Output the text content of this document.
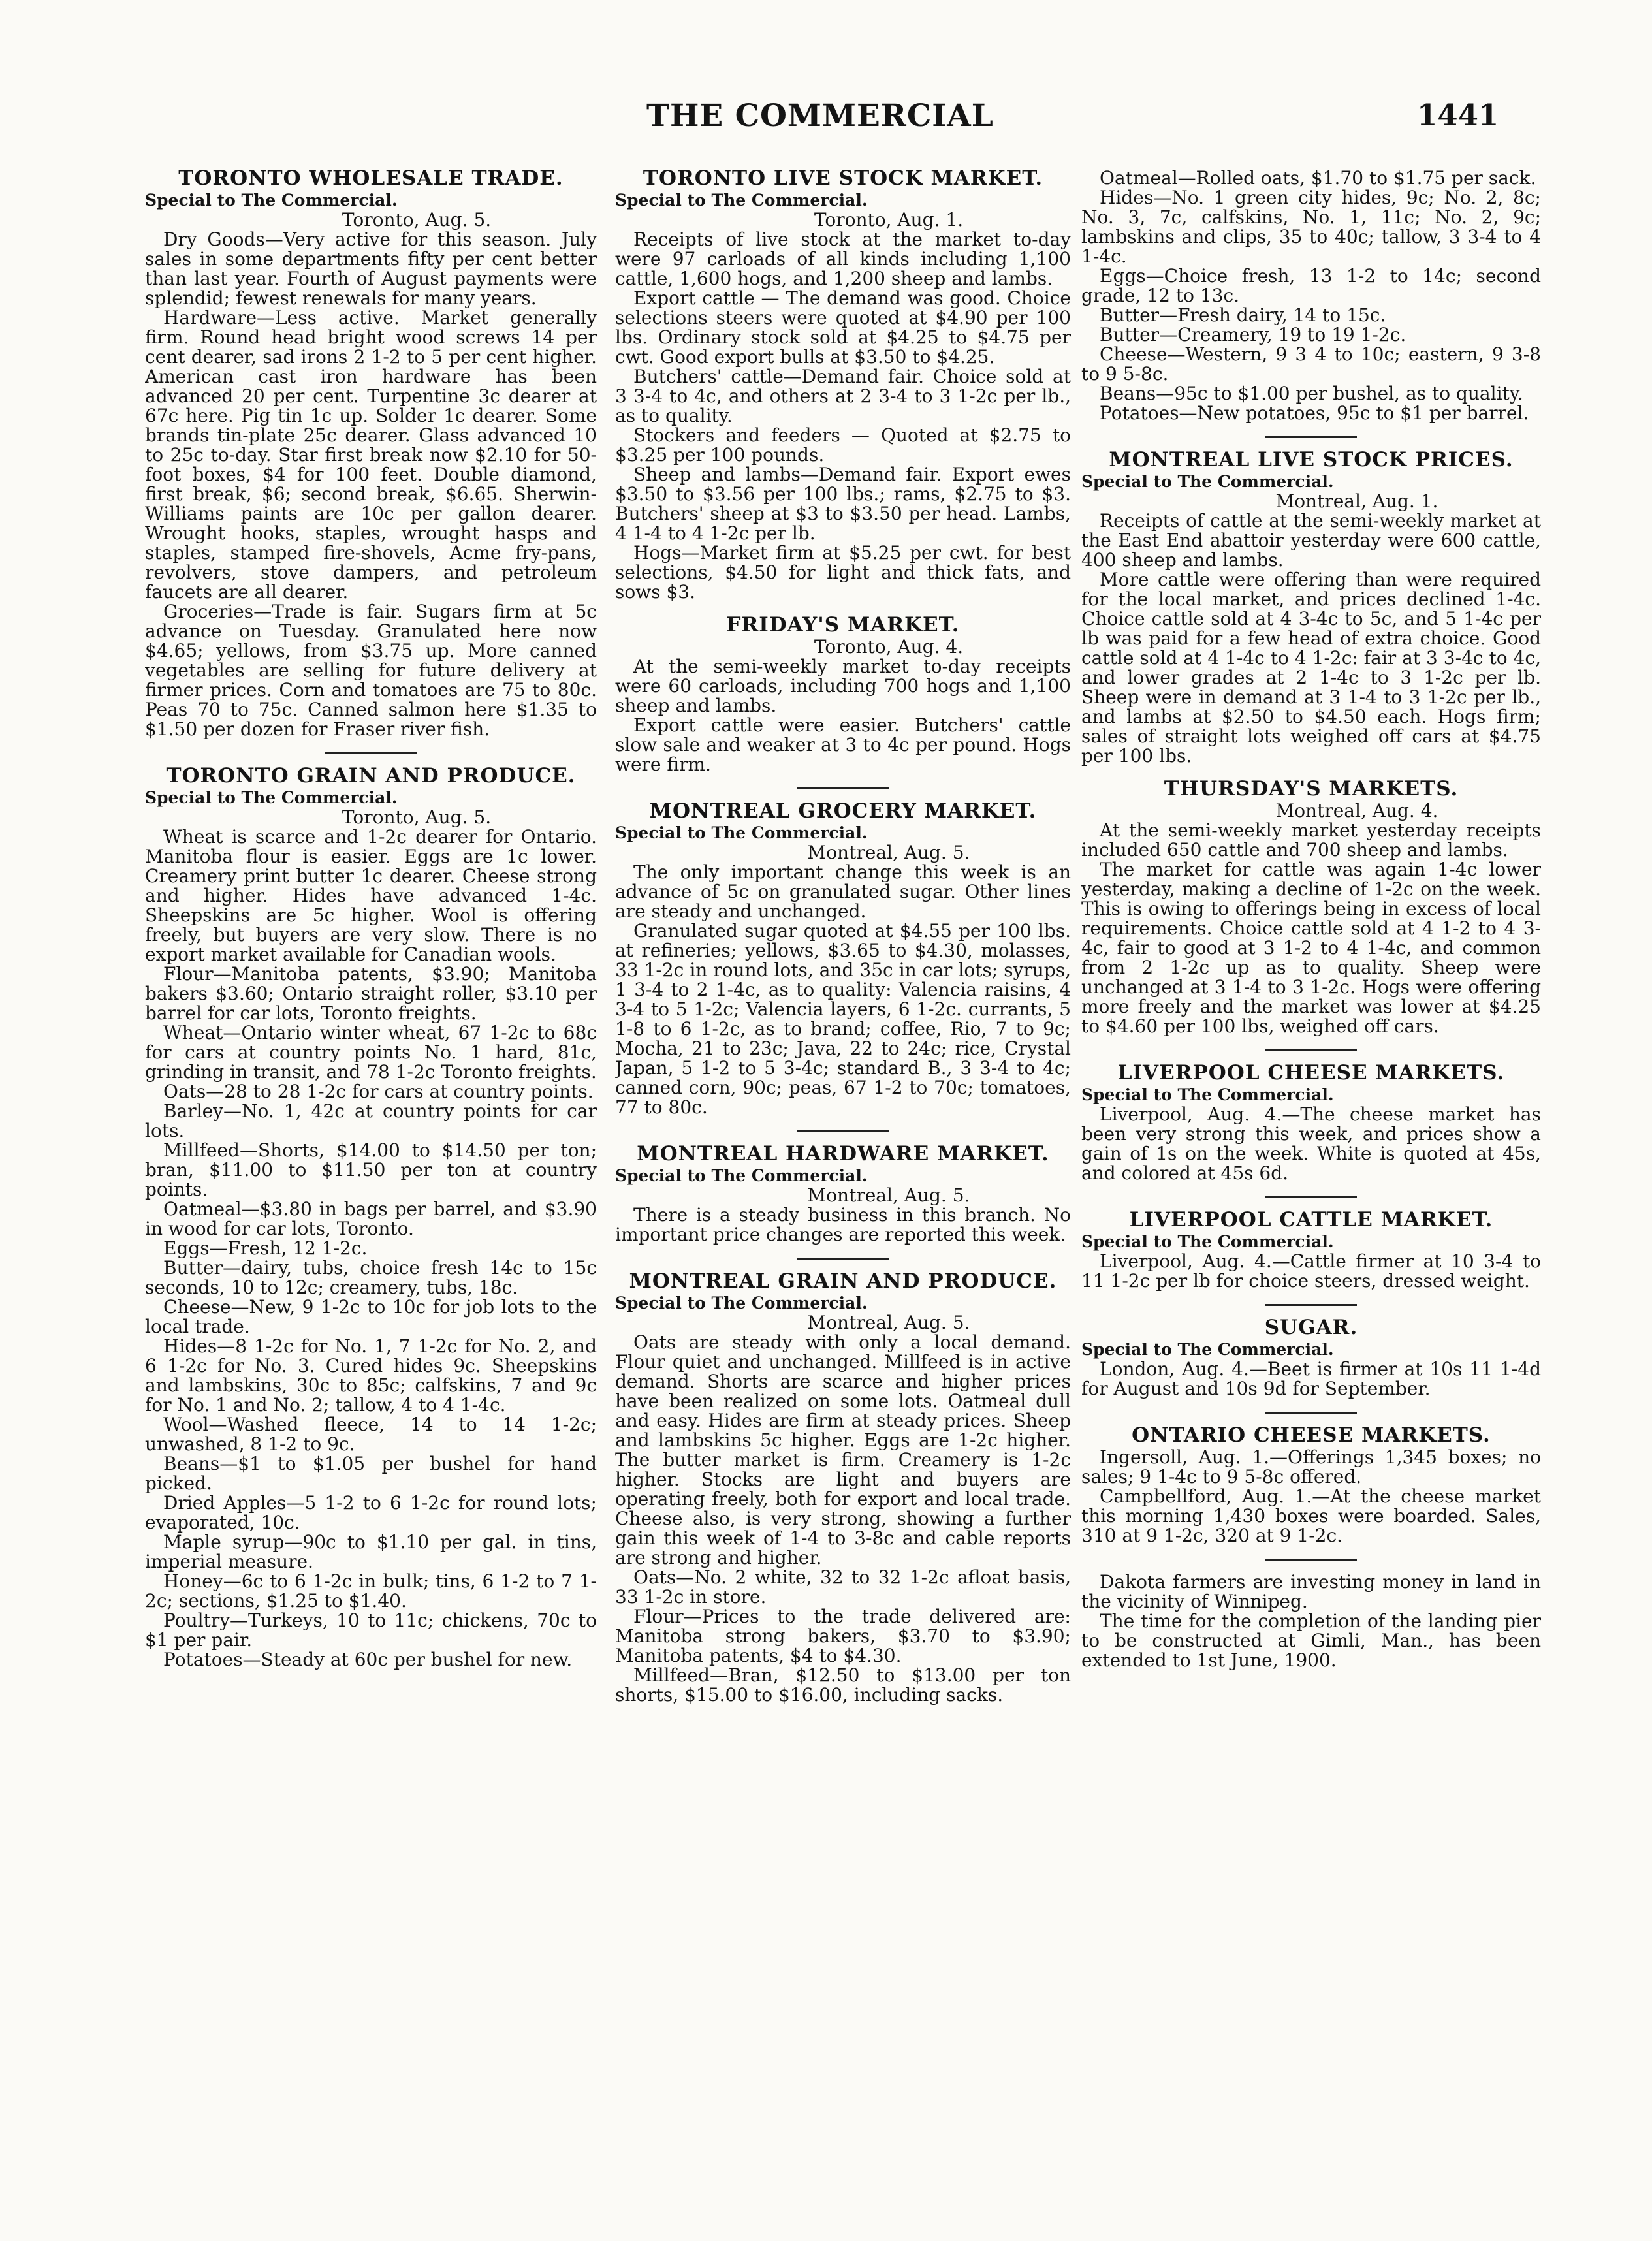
THE COMMERCIAL	1441
TORONTO WHOLESALE TRADE.
Special to The Commercial.
Toronto, Aug. 5.

Dry Goods—Very active for this season. July sales in some departments fifty per cent better than last year. Fourth of August payments were splendid; fewest renewals for many years.

Hardware—Less active. Market generally firm. Round head bright wood screws 14 per cent dearer, sad irons 2 1-2 to 5 per cent higher. American cast iron hardware has been advanced 20 per cent. Turpentine 3c dearer at 67c here. Pig tin 1c up. Solder 1c dearer. Some brands tin-plate 25c dearer. Glass advanced 10 to 25c to-day. Star first break now $2.10 for 50-foot boxes, $4 for 100 feet. Double diamond, first break, $6; second break, $6.65. Sherwin-Williams paints are 10c per gallon dearer. Wrought hooks, staples, wrought hasps and staples, stamped fire-shovels, Acme fry-pans, revolvers, stove dampers, and petroleum faucets are all dearer.

Groceries—Trade is fair. Sugars firm at 5c advance on Tuesday. Granulated here now $4.65; yellows, from $3.75 up. More canned vegetables are selling for future delivery at firmer prices. Corn and tomatoes are 75 to 80c. Peas 70 to 75c. Canned salmon here $1.35 to $1.50 per dozen for Fraser river fish.

TORONTO GRAIN AND PRODUCE.
Special to The Commercial.
Toronto, Aug. 5.

Wheat is scarce and 1-2c dearer for Ontario. Manitoba flour is easier. Eggs are 1c lower. Creamery print butter 1c dearer. Cheese strong and higher. Hides have advanced 1-4c. Sheepskins are 5c higher. Wool is offering freely, but buyers are very slow. There is no export market available for Canadian wools.

Flour—Manitoba patents, $3.90; Manitoba bakers $3.60; Ontario straight roller, $3.10 per barrel for car lots, Toronto freights.

Wheat—Ontario winter wheat, 67 1-2c to 68c for cars at country points No. 1 hard, 81c, grinding in transit, and 78 1-2c Toronto freights.

Oats—28 to 28 1-2c for cars at country points.

Barley—No. 1, 42c at country points for car lots.

Millfeed—Shorts, $14.00 to $14.50 per ton; bran, $11.00 to $11.50 per ton at country points.

Oatmeal—$3.80 in bags per barrel, and $3.90 in wood for car lots, Toronto.

Eggs—Fresh, 12 1-2c.

Butter—dairy, tubs, choice fresh 14c to 15c seconds, 10 to 12c; creamery, tubs, 18c.

Cheese—New, 9 1-2c to 10c for job lots to the local trade.

Hides—8 1-2c for No. 1, 7 1-2c for No. 2, and 6 1-2c for No. 3. Cured hides 9c. Sheepskins and lambskins, 30c to 85c; calfskins, 7 and 9c for No. 1 and No. 2; tallow, 4 to 4 1-4c.

Wool—Washed fleece, 14 to 14 1-2c; unwashed, 8 1-2 to 9c.

Beans—$1 to $1.05 per bushel for hand picked.

Dried Apples—5 1-2 to 6 1-2c for round lots; evaporated, 10c.

Maple syrup—90c to $1.10 per gal. in tins, imperial measure.

Honey—6c to 6 1-2c in bulk; tins, 6 1-2 to 7 1-2c; sections, $1.25 to $1.40.

Poultry—Turkeys, 10 to 11c; chickens, 70c to $1 per pair.

Potatoes—Steady at 60c per bushel for new.

TORONTO LIVE STOCK MARKET.
Special to The Commercial.
Toronto, Aug. 1.

Receipts of live stock at the market to-day were 97 carloads of all kinds including 1,100 cattle, 1,600 hogs, and 1,200 sheep and lambs.

Export cattle — The demand was good. Choice selections steers were quoted at $4.90 per 100 lbs. Ordinary stock sold at $4.25 to $4.75 per cwt. Good export bulls at $3.50 to $4.25.

Butchers' cattle—Demand fair. Choice sold at 3 3-4 to 4c, and others at 2 3-4 to 3 1-2c per lb., as to quality.

Stockers and feeders — Quoted at $2.75 to $3.25 per 100 pounds.

Sheep and lambs—Demand fair. Export ewes $3.50 to $3.56 per 100 lbs.; rams, $2.75 to $3. Butchers' sheep at $3 to $3.50 per head. Lambs, 4 1-4 to 4 1-2c per lb.

Hogs—Market firm at $5.25 per cwt. for best selections, $4.50 for light and thick fats, and sows $3.

FRIDAY'S MARKET.
Toronto, Aug. 4.

At the semi-weekly market to-day receipts were 60 carloads, including 700 hogs and 1,100 sheep and lambs.

Export cattle were easier. Butchers' cattle slow sale and weaker at 3 to 4c per pound. Hogs were firm.

MONTREAL GROCERY MARKET.
Special to The Commercial.
Montreal, Aug. 5.

The only important change this week is an advance of 5c on granulated sugar. Other lines are steady and unchanged.

Granulated sugar quoted at $4.55 per 100 lbs. at refineries; yellows, $3.65 to $4.30, molasses, 33 1-2c in round lots, and 35c in car lots; syrups, 1 3-4 to 2 1-4c, as to quality: Valencia raisins, 4 3-4 to 5 1-2c; Valencia layers, 6 1-2c. currants, 5 1-8 to 6 1-2c, as to brand; coffee, Rio, 7 to 9c; Mocha, 21 to 23c; Java, 22 to 24c; rice, Crystal Japan, 5 1-2 to 5 3-4c; standard B., 3 3-4 to 4c; canned corn, 90c; peas, 67 1-2 to 70c; tomatoes, 77 to 80c.

MONTREAL HARDWARE MARKET.
Special to The Commercial.
Montreal, Aug. 5.

There is a steady business in this branch. No important price changes are reported this week.

MONTREAL GRAIN AND PRODUCE.
Special to The Commercial.
Montreal, Aug. 5.

Oats are steady with only a local demand. Flour quiet and unchanged. Millfeed is in active demand. Shorts are scarce and higher prices have been realized on some lots. Oatmeal dull and easy. Hides are firm at steady prices. Sheep and lambskins 5c higher. Eggs are 1-2c higher. The butter market is firm. Creamery is 1-2c higher. Stocks are light and buyers are operating freely, both for export and local trade. Cheese also, is very strong, showing a further gain this week of 1-4 to 3-8c and cable reports are strong and higher.

Oats—No. 2 white, 32 to 32 1-2c afloat basis, 33 1-2c in store.

Flour—Prices to the trade delivered are: Manitoba strong bakers, $3.70 to $3.90; Manitoba patents, $4 to $4.30.

Millfeed—Bran, $12.50 to $13.00 per ton shorts, $15.00 to $16.00, including sacks.

Oatmeal—Rolled oats, $1.70 to $1.75 per sack.

Hides—No. 1 green city hides, 9c; No. 2, 8c; No. 3, 7c, calfskins, No. 1, 11c; No. 2, 9c; lambskins and clips, 35 to 40c; tallow, 3 3-4 to 4 1-4c.

Eggs—Choice fresh, 13 1-2 to 14c; second grade, 12 to 13c.

Butter—Fresh dairy, 14 to 15c.

Butter—Creamery, 19 to 19 1-2c.

Cheese—Western, 9 3 4 to 10c; eastern, 9 3-8 to 9 5-8c.

Beans—95c to $1.00 per bushel, as to quality.

Potatoes—New potatoes, 95c to $1 per barrel.

MONTREAL LIVE STOCK PRICES.
Special to The Commercial.
Montreal, Aug. 1.

Receipts of cattle at the semi-weekly market at the East End abattoir yesterday were 600 cattle, 400 sheep and lambs.

More cattle were offering than were required for the local market, and prices declined 1-4c. Choice cattle sold at 4 3-4c to 5c, and 5 1-4c per lb was paid for a few head of extra choice. Good cattle sold at 4 1-4c to 4 1-2c: fair at 3 3-4c to 4c, and lower grades at 2 1-4c to 3 1-2c per lb. Sheep were in demand at 3 1-4 to 3 1-2c per lb., and lambs at $2.50 to $4.50 each. Hogs firm; sales of straight lots weighed off cars at $4.75 per 100 lbs.

THURSDAY'S MARKETS.
Montreal, Aug. 4.

At the semi-weekly market yesterday receipts included 650 cattle and 700 sheep and lambs.

The market for cattle was again 1-4c lower yesterday, making a decline of 1-2c on the week. This is owing to offerings being in excess of local requirements. Choice cattle sold at 4 1-2 to 4 3-4c, fair to good at 3 1-2 to 4 1-4c, and common from 2 1-2c up as to quality. Sheep were unchanged at 3 1-4 to 3 1-2c. Hogs were offering more freely and the market was lower at $4.25 to $4.60 per 100 lbs, weighed off cars.

LIVERPOOL CHEESE MARKETS.
Special to The Commercial.

Liverpool, Aug. 4.—The cheese market has been very strong this week, and prices show a gain of 1s on the week. White is quoted at 45s, and colored at 45s 6d.

LIVERPOOL CATTLE MARKET.
Special to The Commercial.

Liverpool, Aug. 4.—Cattle firmer at 10 3-4 to 11 1-2c per lb for choice steers, dressed weight.

SUGAR.
Special to The Commercial.

London, Aug. 4.—Beet is firmer at 10s 11 1-4d for August and 10s 9d for September.

ONTARIO CHEESE MARKETS.

Ingersoll, Aug. 1.—Offerings 1,345 boxes; no sales; 9 1-4c to 9 5-8c offered.

Campbellford, Aug. 1.—At the cheese market this morning 1,430 boxes were boarded. Sales, 310 at 9 1-2c, 320 at 9 1-2c.

Dakota farmers are investing money in land in the vicinity of Winnipeg.

The time for the completion of the landing pier to be constructed at Gimli, Man., has been extended to 1st June, 1900.
